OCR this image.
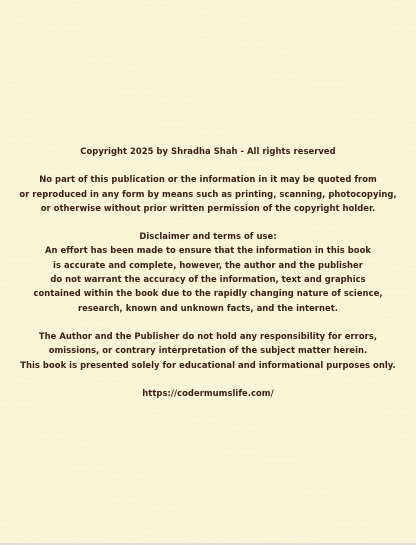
Copyright 2025 by Shradha Shah - All rights reserved

No part of this publication or the information in it may be quoted from

or reproduced in any form by means such as printing, scanning, photocopying,

or otherwise without prior written permission of the copyright holder.

Disclaimer and terms of use:

An effort has been made to ensure that the information in this book

is accurate and complete, however, the author and the publisher

do not warrant the accuracy of the information, text and graphics

contained within the book due to the rapidly changing nature of science,

research, known and unknown facts, and the internet.

The Author and the Publisher do not hold any responsibility for errors,

omissions, or contrary interpretation of the subject matter herein.

This book is presented solely for educational and informational purposes only.

https://codermumslife.com/
